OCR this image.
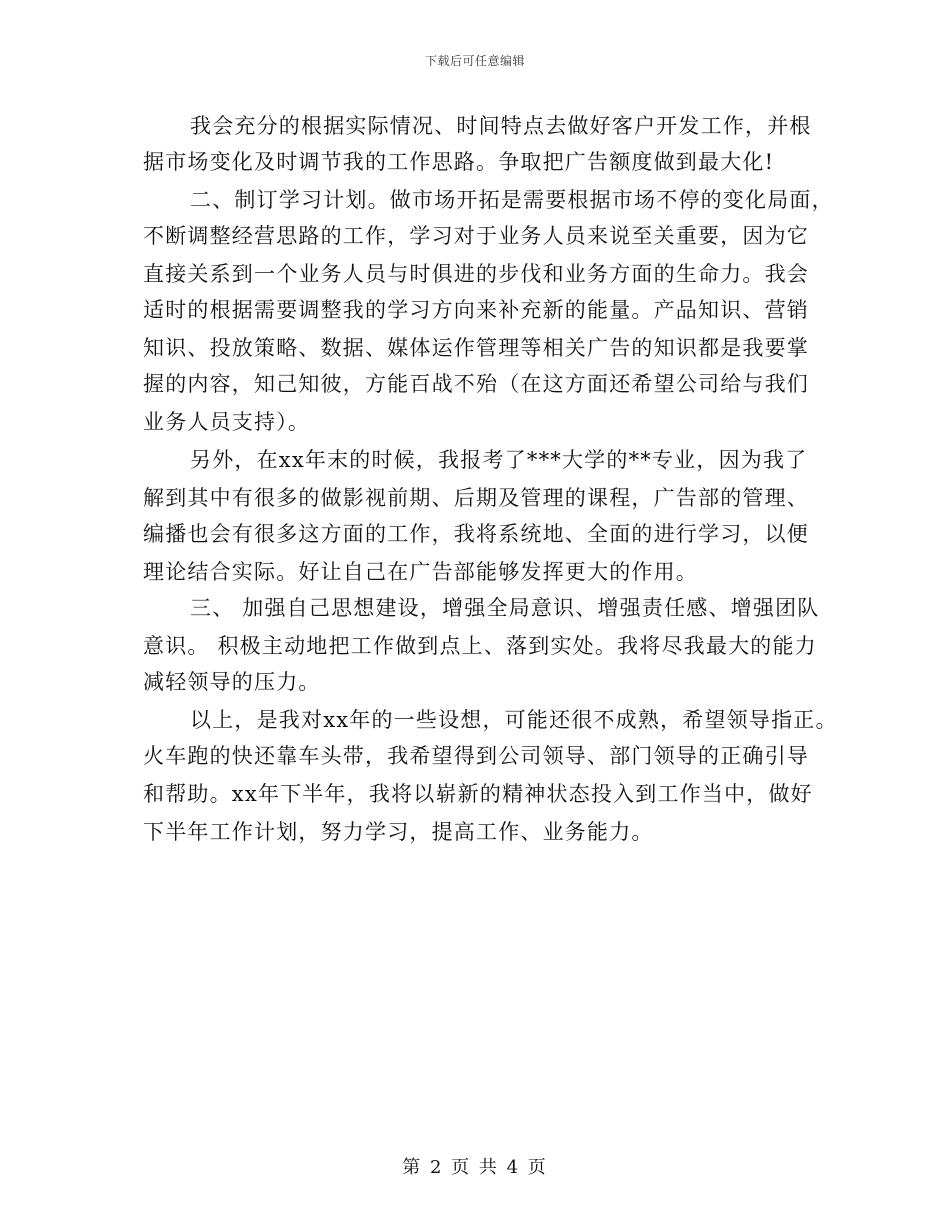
下载后可任意编辑
我会充分的根据实际情况、时间特点去做好客户开发工作，并根
据市场变化及时调节我的工作思路。争取把广告额度做到最大化!
二、制订学习计划。做市场开拓是需要根据市场不停的变化局面，
不断调整经营思路的工作，学习对于业务人员来说至关重要，因为它
直接关系到一个业务人员与时俱进的步伐和业务方面的生命力。我会
适时的根据需要调整我的学习方向来补充新的能量。产品知识、营销
知识、投放策略、数据、媒体运作管理等相关广告的知识都是我要掌
握的内容，知己知彼，方能百战不殆（在这方面还希望公司给与我们
业务人员支持）。
另外，在xx年末的时候，我报考了***大学的**专业，因为我了
解到其中有很多的做影视前期、后期及管理的课程，广告部的管理、
编播也会有很多这方面的工作，我将系统地、全面的进行学习，以便
理论结合实际。好让自己在广告部能够发挥更大的作用。
三、 加强自己思想建设，增强全局意识、增强责任感、增强团队
意识。 积极主动地把工作做到点上、落到实处。我将尽我最大的能力
减轻领导的压力。
以上，是我对xx年的一些设想，可能还很不成熟，希望领导指正。
火车跑的快还靠车头带，我希望得到公司领导、部门领导的正确引导
和帮助。xx年下半年，我将以崭新的精神状态投入到工作当中，做好
下半年工作计划，努力学习，提高工作、业务能力。
第 2 页 共 4 页
